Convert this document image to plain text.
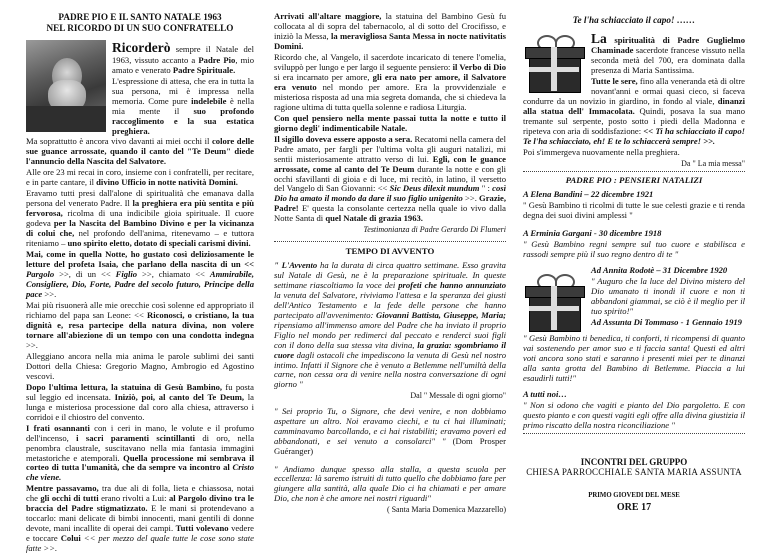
PADRE PIO E IL SANTO NATALE 1963
NEL RICORDO DI UN SUO CONFRATELLO

Ricorderò sempre il Natale del 1963, vissuto accanto a Padre Pio, mio amato e venerato Padre Spirituale.

L'espressione di attesa, che era in tutta la sua persona, mi è impressa nella memoria. Come pure indelebile è nella mia mente il suo profondo raccoglimento e la sua estatica preghiera.

Ma soprattutto è ancora vivo davanti ai miei occhi il colore delle sue guance arrossate, quando il canto del "Te Deum" diede l'annuncio della Nascita del Salvatore.

Alle ore 23 mi recai in coro, insieme con i confratelli, per recitare, e in parte cantare, il divino Ufficio in notte natività Domini.

Eravamo tutti presi dall'alone di spiritualità che emanava dalla persona del venerato Padre. Il la preghiera era più sentita e più fervorosa, ricolma di una indicibile gioia spirituale. Il cuore godeva per la Nascita del Bambino Divino e per la vicinanza di colui che, nel profondo dell'anima, ritenevamo – e tuttora riteniamo – uno spirito eletto, dotato di speciali carismi divini.

Mai, come in quella Notte, ho gustato così deliziosamente le letture del profeta Isaia, che parlano della nascita di un << Pargolo >>, di un << Figlio >>, chiamato << Ammirabile, Consigliere, Dio, Forte, Padre del secolo futuro, Principe della pace >>.

Mai più risuonerà alle mie orecchie così solenne ed appropriato il richiamo del papa san Leone: << Riconosci, o cristiano, la tua dignità e, resa partecipe della natura divina, non volere tornare all'abiezione di un tempo con una condotta indegna >>.

Alleggiano ancora nella mia anima le parole sublimi dei santi Dottori della Chiesa: Gregorio Magno, Ambrogio ed Agostino vescovi.

Dopo l'ultima lettura, la statuina di Gesù Bambino, fu posta sul leggio ed incensata. Iniziò, poi, al canto del Te Deum, la lunga e misteriosa processione dal coro alla chiesa, attraverso i corridoi e il chiostro del convento.

I frati osannanti con i ceri in mano, le volute e il profumo dell'incenso, i sacri paramenti scintillanti di oro, nella penombra claustrale, suscitavano nella mia fantasia immagini metastoriche e atemporali. Quella processione mi sembrava il corteo di tutta l'umanità, che da sempre va incontro al Cristo che viene.

Mentre passavamo, tra due ali di folla, lieta e chiassosa, notai che gli occhi di tutti erano rivolti a Lui: al Pargolo divino tra le braccia del Padre stigmatizzato. E le mani si protendevano a toccarlo: mani delicate di bimbi innocenti, mani gentili di donne devote, mani incallite di operai dei campi. Tutti volevano vedere e toccare Colui << per mezzo del quale tutte le cose sono state fatte >>.

Arrivati all'altare maggiore, la statuina del Bambino Gesù fu collocata al di sopra del tabernacolo, al di sotto del Crocifisso, e iniziò la Messa, la meravigliosa Santa Messa in nocte nativitatis Domini.

Ricordo che, al Vangelo, il sacerdote incaricato di tenere l'omelia, sviluppò per lungo e per largo il seguente pensiero: il Verbo di Dio si era incarnato per amore, gli era nato per amore, il Salvatore era venuto nel mondo per amore. Era la provvidenziale e misteriosa risposta ad una mia segreta domanda, che si chiedeva la ragione ultima di tutta quella solenne e radiosa Liturgia.

Con quel pensiero nella mente passai tutta la notte e tutto il giorno degli' indimenticabile Natale.

Il sigillo doveva essere apposto a sera. Recatomi nella camera del Padre amato, per fargli per l'ultima volta gli auguri natalizi, mi sentii misteriosamente attratto verso di lui. Egli, con le guance arrossate, come al canto del Te Deum durante la notte e con gli occhi sfavillanti di gioia e di luce, mi recitò, in latino, il versetto del Vangelo di San Giovanni: << Sic Deus dilexit mundum " : così Dio ha amato il mondo da dare il suo figlio unigenito >>. Grazie, Padre! E' questa la consolante certezza nella quale io vivo dalla Notte Santa di quel Natale di grazia 1963.

Testimonianza di Padre Gerardo Di Flumeri

TEMPO DI AVVENTO

" L'Avvento ha la durata di circa quattro settimane. Esso gravita sul Natale di Gesù, ne è la preparazione spirituale. In queste settimane riascoltiamo la voce dei profeti che hanno annunziato la venuta del Salvatore, riviviamo l'attesa e la speranza dei giusti dell'Antico Testamento e la fede delle persone che hanno partecipato all'avvenimento: Giovanni Battista, Giuseppe, Maria; ripensiamo all'immenso amore del Padre che ha inviato il proprio Figlio nel mondo per redimerci dal peccato e renderci suoi figli con il dono della sua stessa vita divina, la grazia: sgombriamo il cuore dagli ostacoli che impediscono la venuta di Gesù nel nostro intimo. Infatti il Signore che è venuto a Betlemme nell'umiltà della carne, non cessa ora di venire nella nostra conversazione di ogni giorno "

Dal " Messale di ogni giorno"

" Sei proprio Tu, o Signore, che devi venire, e non dobbiamo aspettare un altro. Noi eravamo ciechi, e tu ci hai illuminati; camminavamo barcollando, e ci hai ristabiliti; eravamo poveri ed abbandonati, e sei venuto a consolarci" " (Dom Prosper Guéranger)

" Andiamo dunque spesso alla stalla, a questa scuola per eccellenza: là saremo istruiti di tutto quello che dobbiamo fare per giungere alla santità, alla quale Dio ci ha chiamati e per amare Dio, che non è che amore nei nostri riguardi"

( Santa Maria Domenica Mazzarello)

Te l'ha schiacciato il capo! ……

La spiritualità di Padre Guglielmo Chaminade sacerdote francese vissuto nella seconda metà del 700, era dominata dalla presenza di Maria Santissima.

Tutte le sere, fino alla veneranda età di oltre novant'anni e ormai quasi cieco, si faceva condurre da un novizio in giardino, in fondo al viale, dinanzi alla statua dell' Immacolata. Quindi, posava la sua mano tremante sul serpente, posto sotto i piedi della Madonna e ripeteva con aria di soddisfazione: << Ti ha schiacciato il capo! Te l'ha schiacciato, eh! E te lo schiaccerà sempre! >>.

Poi s'immergeva nuovamente nella preghiera.

Da " La mia messa"

PADRE PIO : PENSIERI NATALIZI

A Elena Bandini – 22 dicembre 1921

" Gesù Bambino ti ricolmi di tutte le sue celesti grazie e ti renda degna dei suoi divini amplessi "

A Erminia Gargani - 30 dicembre 1918

" Gesù Bambino regni sempre sul tuo cuore e stabilisca e rassodi sempre più il suo regno dentro di te "

Ad Annita Rodotè – 31 Dicembre 1920

" Auguro che la luce del Divino mistero del Dio umanato ti inondi il cuore e non ti abbandoni giammai, se ciò è il meglio per il tuo spirito!"

Ad Assunta Di Tommaso - 1 Gennaio 1919

" Gesù Bambino ti benedica, ti conforti, ti ricompensi di quanto vai sostenendo per amor suo e ti faccia santa! Questi ed altri voti ancora sono stati e saranno i presenti miei per te dinanzi alla santa grotta del Bambino di Betlemme. Piaccia a lui esaudirli tutti!"

A tutti noi…

" Non si odono che vagiti e pianto del Dio pargoletto. E con questo pianto e con questi vagiti egli offre alla divina giustizia il primo riscatto della nostra riconciliazione "

INCONTRI DEL GRUPPO
CHIESA PARROCCHIALE SANTA MARIA ASSUNTA
PRIMO GIOVEDI DEL MESE
ORE 17
